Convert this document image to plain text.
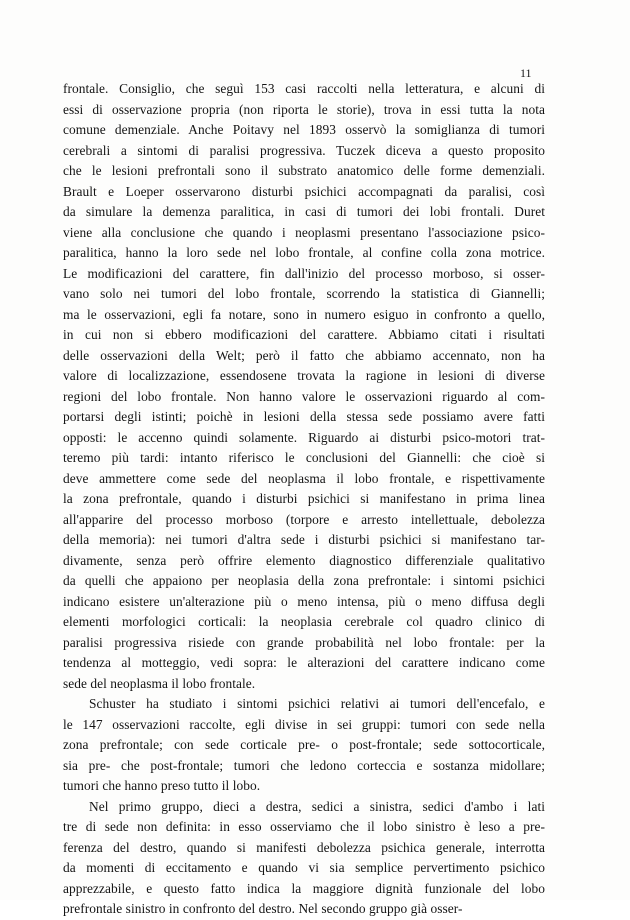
11
frontale. Consiglio, che seguì 153 casi raccolti nella letteratura, e alcuni di
essi di osservazione propria (non riporta le storie), trova in essi tutta la nota
comune demenziale. Anche Poitavy nel 1893 osservò la somiglianza di tumori
cerebrali a sintomi di paralisi progressiva. Tuczek diceva a questo proposito
che le lesioni prefrontali sono il substrato anatomico delle forme demenziali.
Brault e Loeper osservarono disturbi psichici accompagnati da paralisi, così
da simulare la demenza paralitica, in casi di tumori dei lobi frontali. Duret
viene alla conclusione che quando i neoplasmi presentano l'associazione psico-
paralitica, hanno la loro sede nel lobo frontale, al confine colla zona motrice.
Le modificazioni del carattere, fin dall'inizio del processo morboso, si osser-
vano solo nei tumori del lobo frontale, scorrendo la statistica di Giannelli;
ma le osservazioni, egli fa notare, sono in numero esiguo in confronto a quello,
in cui non si ebbero modificazioni del carattere. Abbiamo citati i risultati
delle osservazioni della Welt; però il fatto che abbiamo accennato, non ha
valore di localizzazione, essendosene trovata la ragione in lesioni di diverse
regioni del lobo frontale. Non hanno valore le osservazioni riguardo al com-
portarsi degli istinti; poichè in lesioni della stessa sede possiamo avere fatti
opposti: le accenno quindi solamente. Riguardo ai disturbi psico-motori trat-
teremo più tardi: intanto riferisco le conclusioni del Giannelli: che cioè si
deve ammettere come sede del neoplasma il lobo frontale, e rispettivamente
la zona prefrontale, quando i disturbi psichici si manifestano in prima linea
all'apparire del processo morboso (torpore e arresto intellettuale, debolezza
della memoria): nei tumori d'altra sede i disturbi psichici si manifestano tar-
divamente, senza però offrire elemento diagnostico differenziale qualitativo
da quelli che appaiono per neoplasia della zona prefrontale: i sintomi psichici
indicano esistere un'alterazione più o meno intensa, più o meno diffusa degli
elementi morfologici corticali: la neoplasia cerebrale col quadro clinico di
paralisi progressiva risiede con grande probabilità nel lobo frontale: per la
tendenza al motteggio, vedi sopra: le alterazioni del carattere indicano come
sede del neoplasma il lobo frontale.
Schuster ha studiato i sintomi psichici relativi ai tumori dell'encefalo, e
le 147 osservazioni raccolte, egli divise in sei gruppi: tumori con sede nella
zona prefrontale; con sede corticale pre- o post-frontale; sede sottocorticale,
sia pre- che post-frontale; tumori che ledono corteccia e sostanza midollare;
tumori che hanno preso tutto il lobo.
Nel primo gruppo, dieci a destra, sedici a sinistra, sedici d'ambo i lati
tre di sede non definita: in esso osserviamo che il lobo sinistro è leso a pre-
ferenza del destro, quando si manifesti debolezza psichica generale, interrotta
da momenti di eccitamento e quando vi sia semplice pervertimento psichico
apprezzabile, e questo fatto indica la maggiore dignità funzionale del lobo
prefrontale sinistro in confronto del destro. Nel secondo gruppo già osser-
